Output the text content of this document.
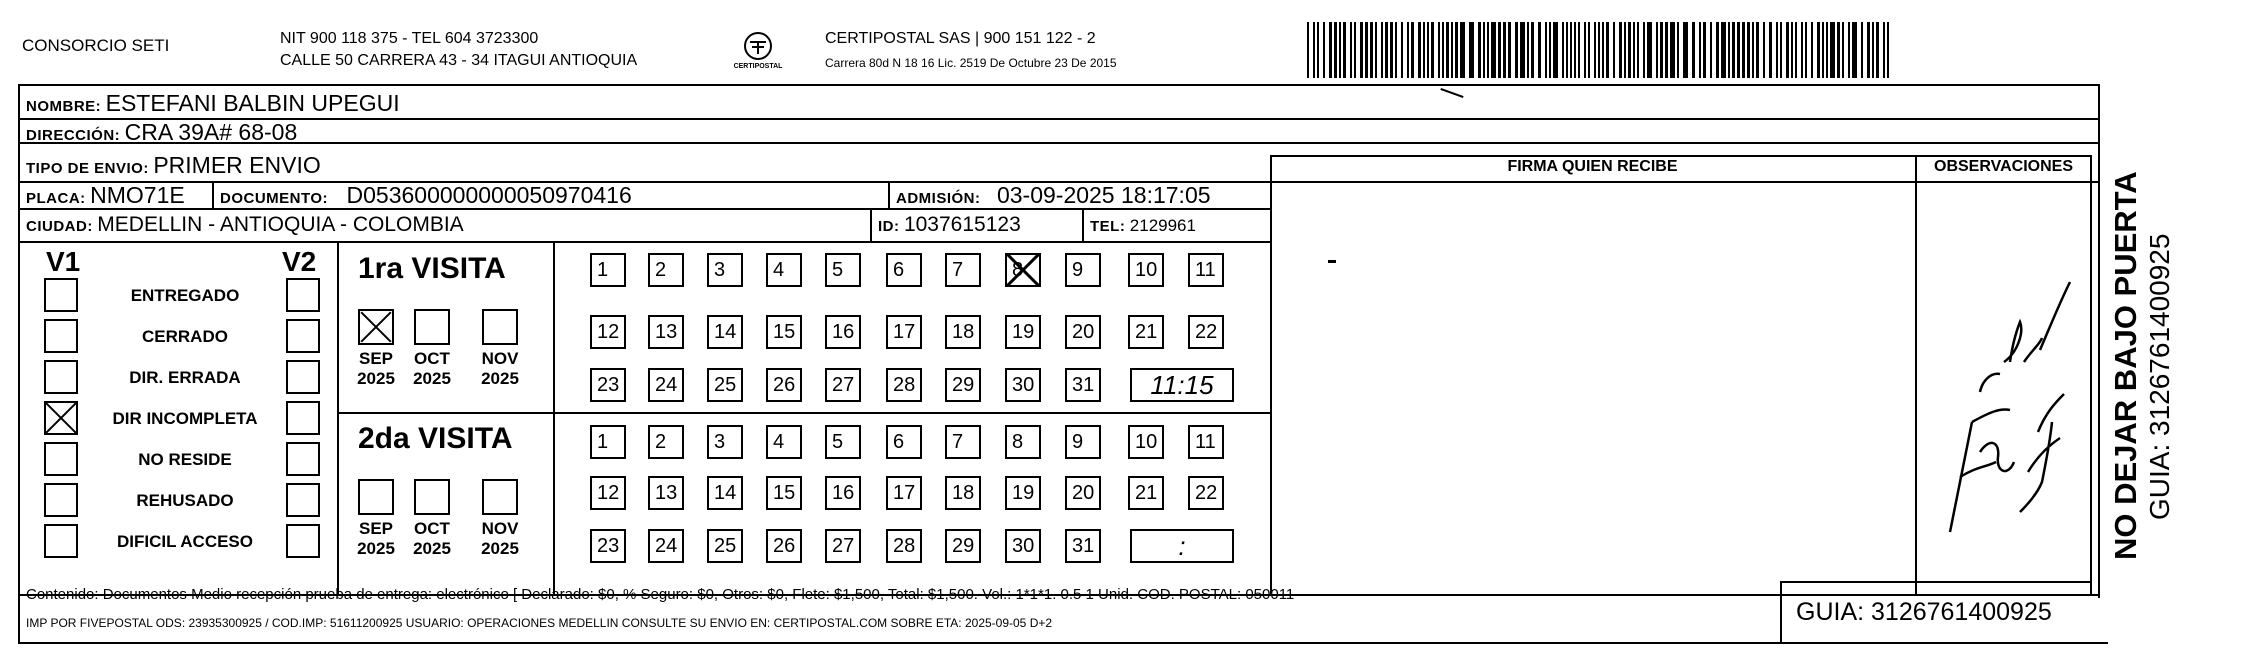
CONSORCIO SETI	NIT 900 118 375 - TEL 604 3723300
CALLE 50 CARRERA 43 - 34 ITAGUI ANTIOQUIA	CERTIPOSTAL
CERTIPOSTAL SAS | 900 151 122 - 2
Carrera 80d N 18 16 Lic. 2519 De Octubre 23 De 2015
NOMBRE: ESTEFANI BALBIN UPEGUI
DIRECCIÓN: CRA 39A# 68-08
TIPO DE ENVIO: PRIMER ENVIO
PLACA: NMO71E DOCUMENTO: D053600000000050970416	ADMISIÓN: 03-09-2025 18:17:05
CIUDAD: MEDELLIN - ANTIOQUIA - COLOMBIA	ID: 1037615123	TEL: 2129961
FIRMA QUIEN RECIBE	OBSERVACIONES
V1	V2
ENTREGADO
CERRADO
DIR. ERRADA
DIR INCOMPLETA
NO RESIDE
REHUSADO
DIFICIL ACCESO
1ra VISITA
SEP
2025
OCT
2025
NOV
2025
1	2	3	4	5	6	7	8	9	10	11
12	13	14	15	16	17	18	19	20	21	22
23	24	25	26	27	28	29	30	31	11:15
2da VISITA
SEP
2025
OCT
2025
NOV
2025
1	2	3	4	5	6	7	8	9	10	11
12	13	14	15	16	17	18	19	20	21	22
23	24	25	26	27	28	29	30	31	:
Contenido: Documentos Medio recepción prueba de entrega: electrónico [ Declarado: $0, % Seguro: $0, Otros: $0, Flete: $1,500, Total: $1,500. Vol.: 1*1*1. 0.5 1 Unid. COD. POSTAL: 050011
IMP POR FIVEPOSTAL ODS: 23935300925 / COD.IMP: 51611200925 USUARIO: OPERACIONES MEDELLIN CONSULTE SU ENVIO EN: CERTIPOSTAL.COM SOBRE ETA: 2025-09-05 D+2	GUIA: 3126761400925
NO DEJAR BAJO PUERTA GUIA: 3126761400925
